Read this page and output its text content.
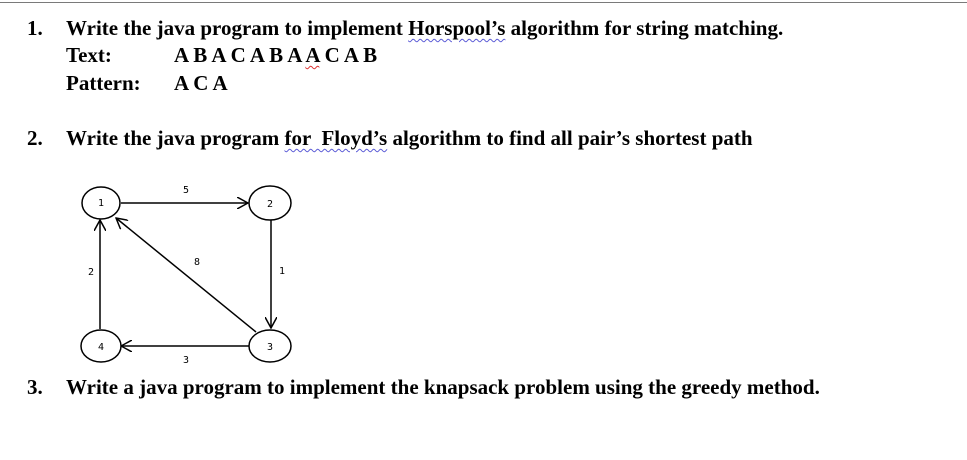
1. Write the java program to implement Horspool’s algorithm for string matching.
Text:	A B A C A B A A C A B
Pattern: A C A
2. Write the java program for  Floyd’s algorithm to find all pair’s shortest path
1	2
3
4
5
1
3
2
8
3. Write a java program to implement the knapsack problem using the greedy method.
